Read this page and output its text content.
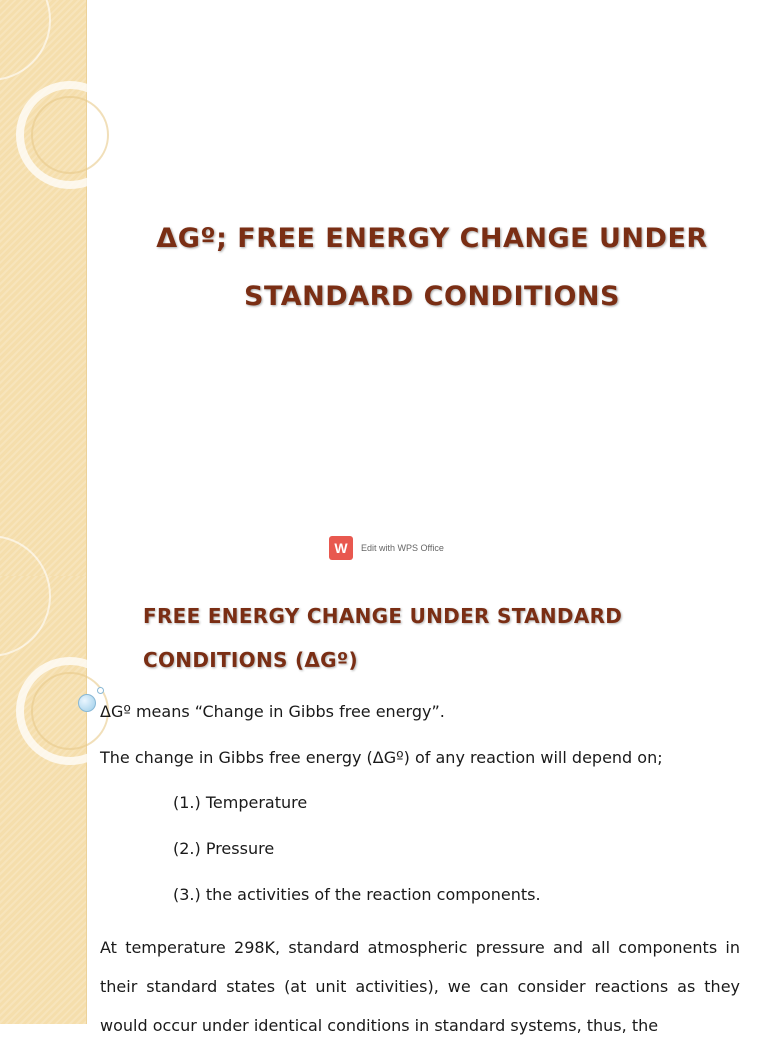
ΔGº; FREE ENERGY CHANGE UNDER STANDARD CONDITIONS
W	Edit with WPS Office
FREE ENERGY CHANGE UNDER STANDARD CONDITIONS (ΔGº)
ΔGº means “Change in Gibbs free energy”.
The change in Gibbs free energy (ΔGº) of any reaction will depend on;
(1.) Temperature
(2.) Pressure
(3.) the activities of the reaction components.
At temperature 298K, standard atmospheric pressure and all components in their standard states (at unit activities), we can consider reactions as they would occur under identical conditions in standard systems, thus, the
